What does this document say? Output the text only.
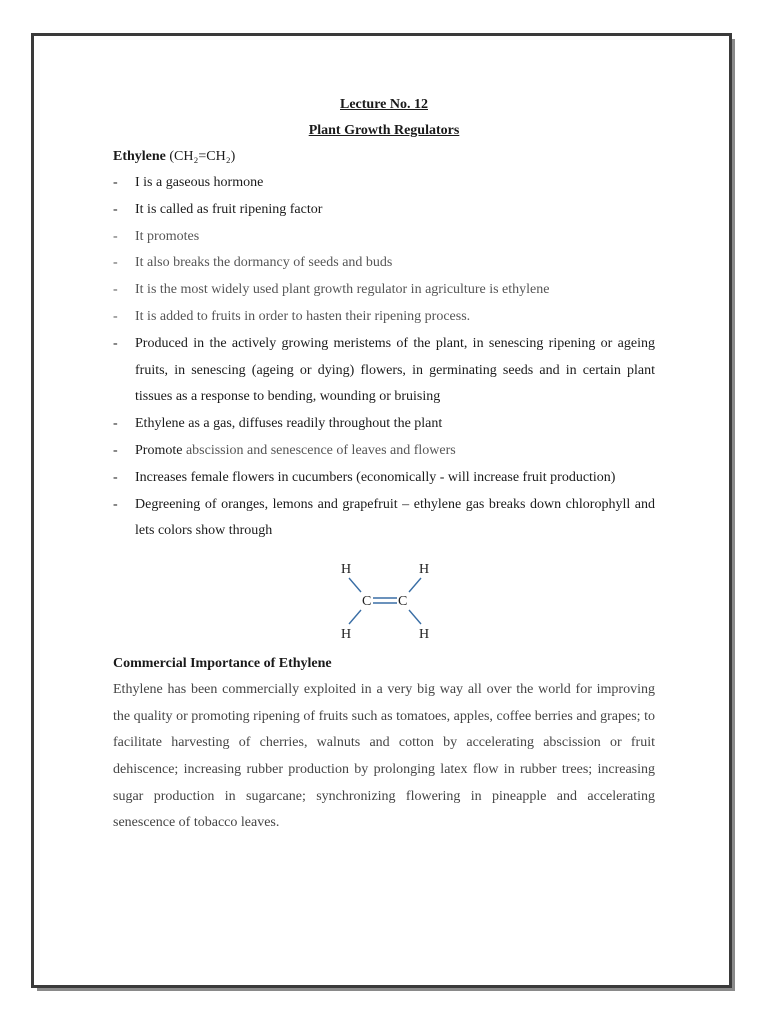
Lecture No. 12

Plant Growth Regulators

Ethylene (CH₂=CH₂)

- I is a gaseous hormone
- It is called as fruit ripening factor
- It promotes
- It also breaks the dormancy of seeds and buds
- It is the most widely used plant growth regulator in agriculture is ethylene
- It is added to fruits in order to hasten their ripening process.
- Produced in the actively growing meristems of the plant, in senescing ripening or ageing fruits, in senescing (ageing or dying) flowers, in germinating seeds and in certain plant tissues as a response to bending, wounding or bruising
- Ethylene as a gas, diffuses readily throughout the plant
- Promote abscission and senescence of leaves and flowers
- Increases female flowers in cucumbers (economically - will increase fruit production)
- Degreening of oranges, lemons and grapefruit – ethylene gas breaks down chlorophyll and lets colors show through
H	H
C C
H	H

Commercial Importance of Ethylene

Ethylene has been commercially exploited in a very big way all over the world for improving the quality or promoting ripening of fruits such as tomatoes, apples, coffee berries and grapes; to facilitate harvesting of cherries, walnuts and cotton by accelerating abscission or fruit dehiscence; increasing rubber production by prolonging latex flow in rubber trees; increasing sugar production in sugarcane; synchronizing flowering in pineapple and accelerating senescence of tobacco leaves.
